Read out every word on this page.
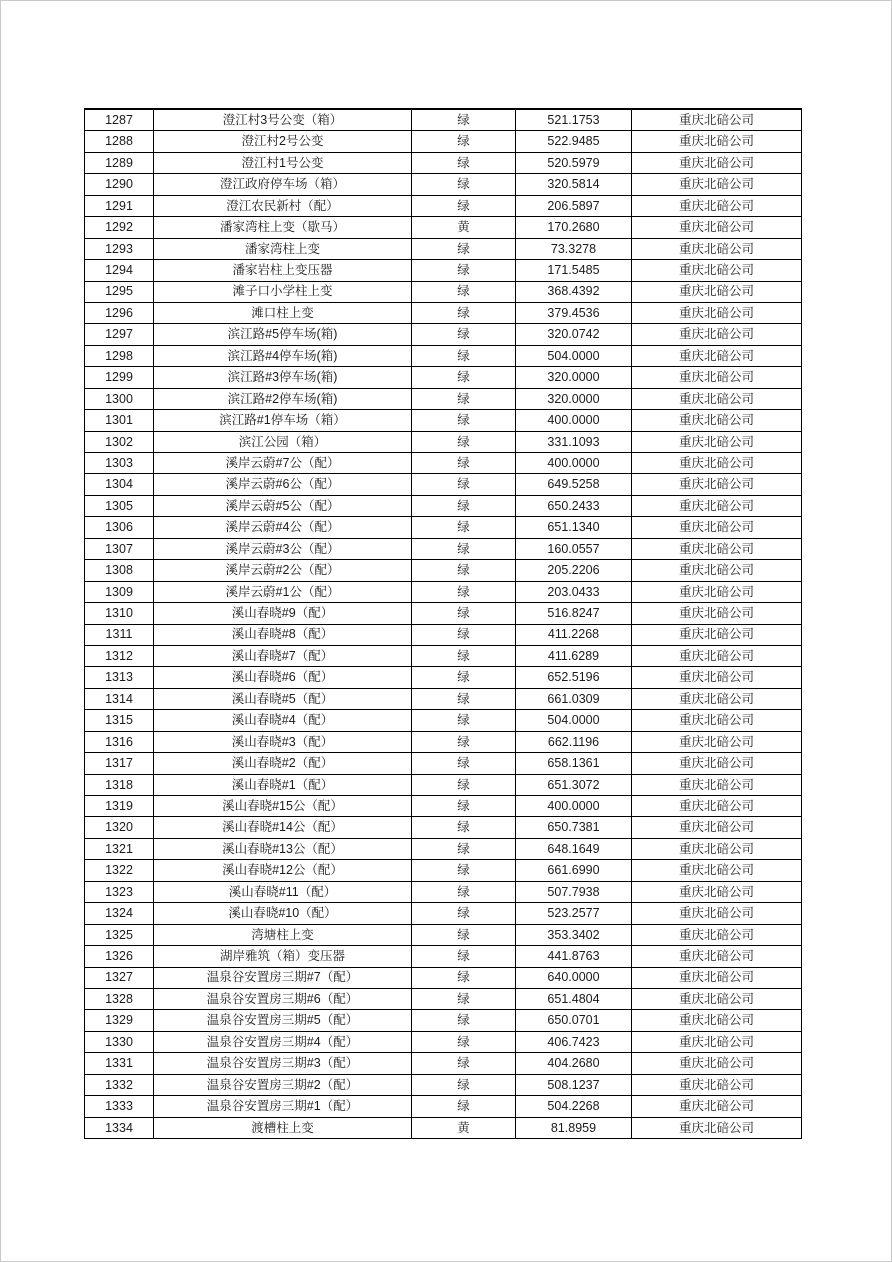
1287	澄江村3号公变（箱）	绿	521.1753	重庆北碚公司
1288	澄江村2号公变	绿	522.9485	重庆北碚公司
1289	澄江村1号公变	绿	520.5979	重庆北碚公司
1290	澄江政府停车场（箱）	绿	320.5814	重庆北碚公司
1291	澄江农民新村（配）	绿	206.5897	重庆北碚公司
1292	潘家湾柱上变（歇马）	黄	170.2680	重庆北碚公司
1293	潘家湾柱上变	绿	73.3278	重庆北碚公司
1294	潘家岩柱上变压器	绿	171.5485	重庆北碚公司
1295	滩子口小学柱上变	绿	368.4392	重庆北碚公司
1296	滩口柱上变	绿	379.4536	重庆北碚公司
1297	滨江路#5停车场(箱)	绿	320.0742	重庆北碚公司
1298	滨江路#4停车场(箱)	绿	504.0000	重庆北碚公司
1299	滨江路#3停车场(箱)	绿	320.0000	重庆北碚公司
1300	滨江路#2停车场(箱)	绿	320.0000	重庆北碚公司
1301	滨江路#1停车场（箱）	绿	400.0000	重庆北碚公司
1302	滨江公园（箱）	绿	331.1093	重庆北碚公司
1303	溪岸云蔚#7公（配）	绿	400.0000	重庆北碚公司
1304	溪岸云蔚#6公（配）	绿	649.5258	重庆北碚公司
1305	溪岸云蔚#5公（配）	绿	650.2433	重庆北碚公司
1306	溪岸云蔚#4公（配）	绿	651.1340	重庆北碚公司
1307	溪岸云蔚#3公（配）	绿	160.0557	重庆北碚公司
1308	溪岸云蔚#2公（配）	绿	205.2206	重庆北碚公司
1309	溪岸云蔚#1公（配）	绿	203.0433	重庆北碚公司
1310	溪山春晓#9（配）	绿	516.8247	重庆北碚公司
1311	溪山春晓#8（配）	绿	411.2268	重庆北碚公司
1312	溪山春晓#7（配）	绿	411.6289	重庆北碚公司
1313	溪山春晓#6（配）	绿	652.5196	重庆北碚公司
1314	溪山春晓#5（配）	绿	661.0309	重庆北碚公司
1315	溪山春晓#4（配）	绿	504.0000	重庆北碚公司
1316	溪山春晓#3（配）	绿	662.1196	重庆北碚公司
1317	溪山春晓#2（配）	绿	658.1361	重庆北碚公司
1318	溪山春晓#1（配）	绿	651.3072	重庆北碚公司
1319	溪山春晓#15公（配）	绿	400.0000	重庆北碚公司
1320	溪山春晓#14公（配）	绿	650.7381	重庆北碚公司
1321	溪山春晓#13公（配）	绿	648.1649	重庆北碚公司
1322	溪山春晓#12公（配）	绿	661.6990	重庆北碚公司
1323	溪山春晓#11（配）	绿	507.7938	重庆北碚公司
1324	溪山春晓#10（配）	绿	523.2577	重庆北碚公司
1325	湾塘柱上变	绿	353.3402	重庆北碚公司
1326	湖岸雅筑（箱）变压器	绿	441.8763	重庆北碚公司
1327	温泉谷安置房三期#7（配）	绿	640.0000	重庆北碚公司
1328	温泉谷安置房三期#6（配）	绿	651.4804	重庆北碚公司
1329	温泉谷安置房三期#5（配）	绿	650.0701	重庆北碚公司
1330	温泉谷安置房三期#4（配）	绿	406.7423	重庆北碚公司
1331	温泉谷安置房三期#3（配）	绿	404.2680	重庆北碚公司
1332	温泉谷安置房三期#2（配）	绿	508.1237	重庆北碚公司
1333	温泉谷安置房三期#1（配）	绿	504.2268	重庆北碚公司
1334	渡槽柱上变	黄	81.8959	重庆北碚公司
